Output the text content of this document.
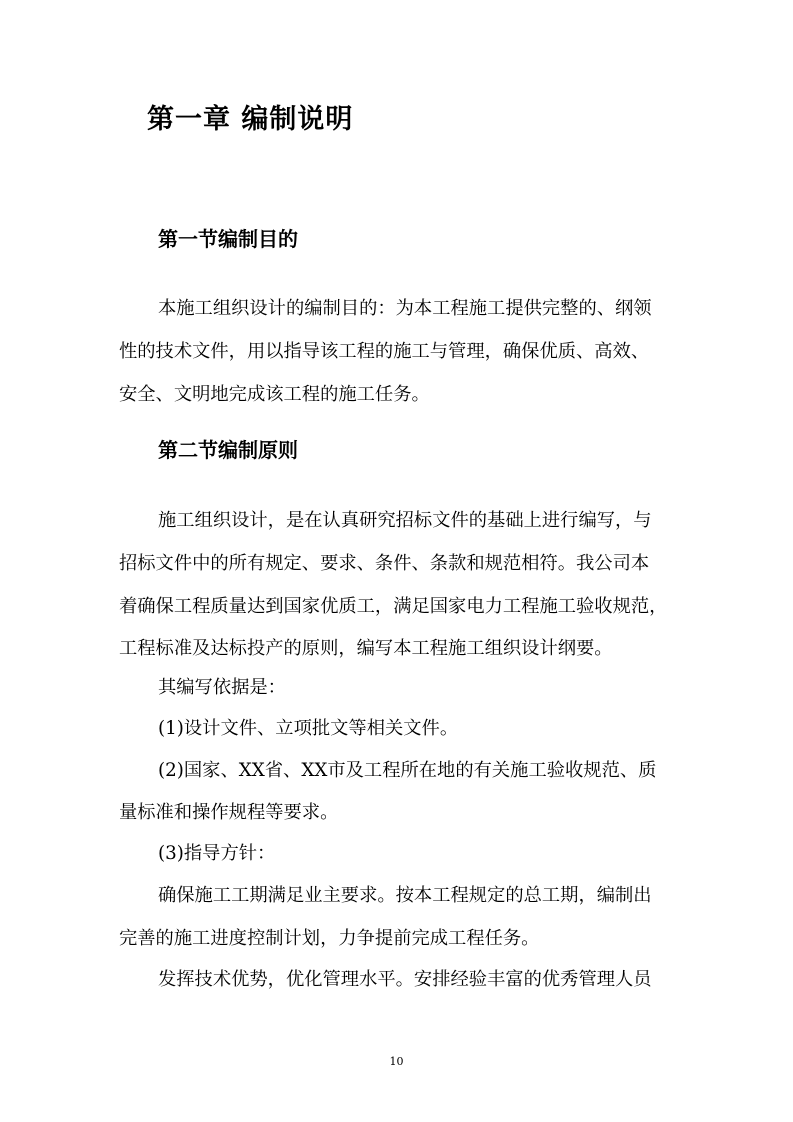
第一章 编制说明
第一节编制目的

本施工组织设计的编制目的：为本工程施工提供完整的、纲领

性的技术文件，用以指导该工程的施工与管理，确保优质、高效、

安全、文明地完成该工程的施工任务。

第二节编制原则

施工组织设计，是在认真研究招标文件的基础上进行编写，与

招标文件中的所有规定、要求、条件、条款和规范相符。我公司本

着确保工程质量达到国家优质工，满足国家电力工程施工验收规范，

工程标准及达标投产的原则，编写本工程施工组织设计纲要。

其编写依据是：

(1)设计文件、立项批文等相关文件。

(2)国家、XX省、XX市及工程所在地的有关施工验收规范、质

量标准和操作规程等要求。

(3)指导方针：

确保施工工期满足业主要求。按本工程规定的总工期，编制出

完善的施工进度控制计划，力争提前完成工程任务。

发挥技术优势，优化管理水平。安排经验丰富的优秀管理人员

10
